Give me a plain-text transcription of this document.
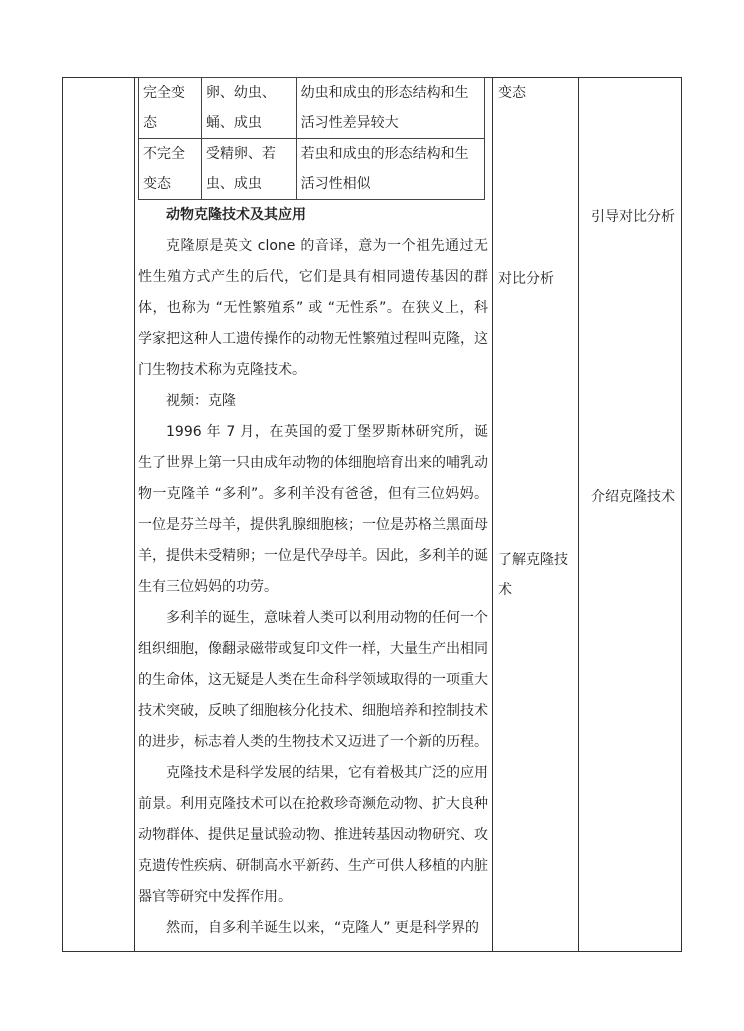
完全变态	卵、幼虫、蛹、成虫	幼虫和成虫的形态结构和生活习性差异较大
不完全变态	受精卵、若虫、成虫	若虫和成虫的形态结构和生活习性相似

动物克隆技术及其应用

克隆原是英文 clone 的音译，意为一个祖先通过无性生殖方式产生的后代，它们是具有相同遗传基因的群体，也称为 “无性繁殖系” 或 “无性系”。在狭义上，科学家把这种人工遗传操作的动物无性繁殖过程叫克隆，这门生物技术称为克隆技术。

视频：克隆

1996 年 7 月，在英国的爱丁堡罗斯林研究所，诞生了世界上第一只由成年动物的体细胞培育出来的哺乳动物一克隆羊 “多利”。多利羊没有爸爸，但有三位妈妈。一位是芬兰母羊，提供乳腺细胞核；一位是苏格兰黑面母羊，提供未受精卵；一位是代孕母羊。因此，多利羊的诞生有三位妈妈的功劳。

多利羊的诞生，意味着人类可以利用动物的任何一个组织细胞，像翻录磁带或复印文件一样，大量生产出相同的生命体，这无疑是人类在生命科学领域取得的一项重大技术突破，反映了细胞核分化技术、细胞培养和控制技术的进步，标志着人类的生物技术又迈进了一个新的历程。

克隆技术是科学发展的结果，它有着极其广泛的应用前景。利用克隆技术可以在抢救珍奇濒危动物、扩大良种动物群体、提供足量试验动物、推进转基因动物研究、攻克遗传性疾病、研制高水平新药、生产可供人移植的内脏器官等研究中发挥作用。

然而，自多利羊诞生以来，“克隆人” 更是科学界的

变态
对比分析
了解克隆技术
引导对比分析
介绍克隆技术
